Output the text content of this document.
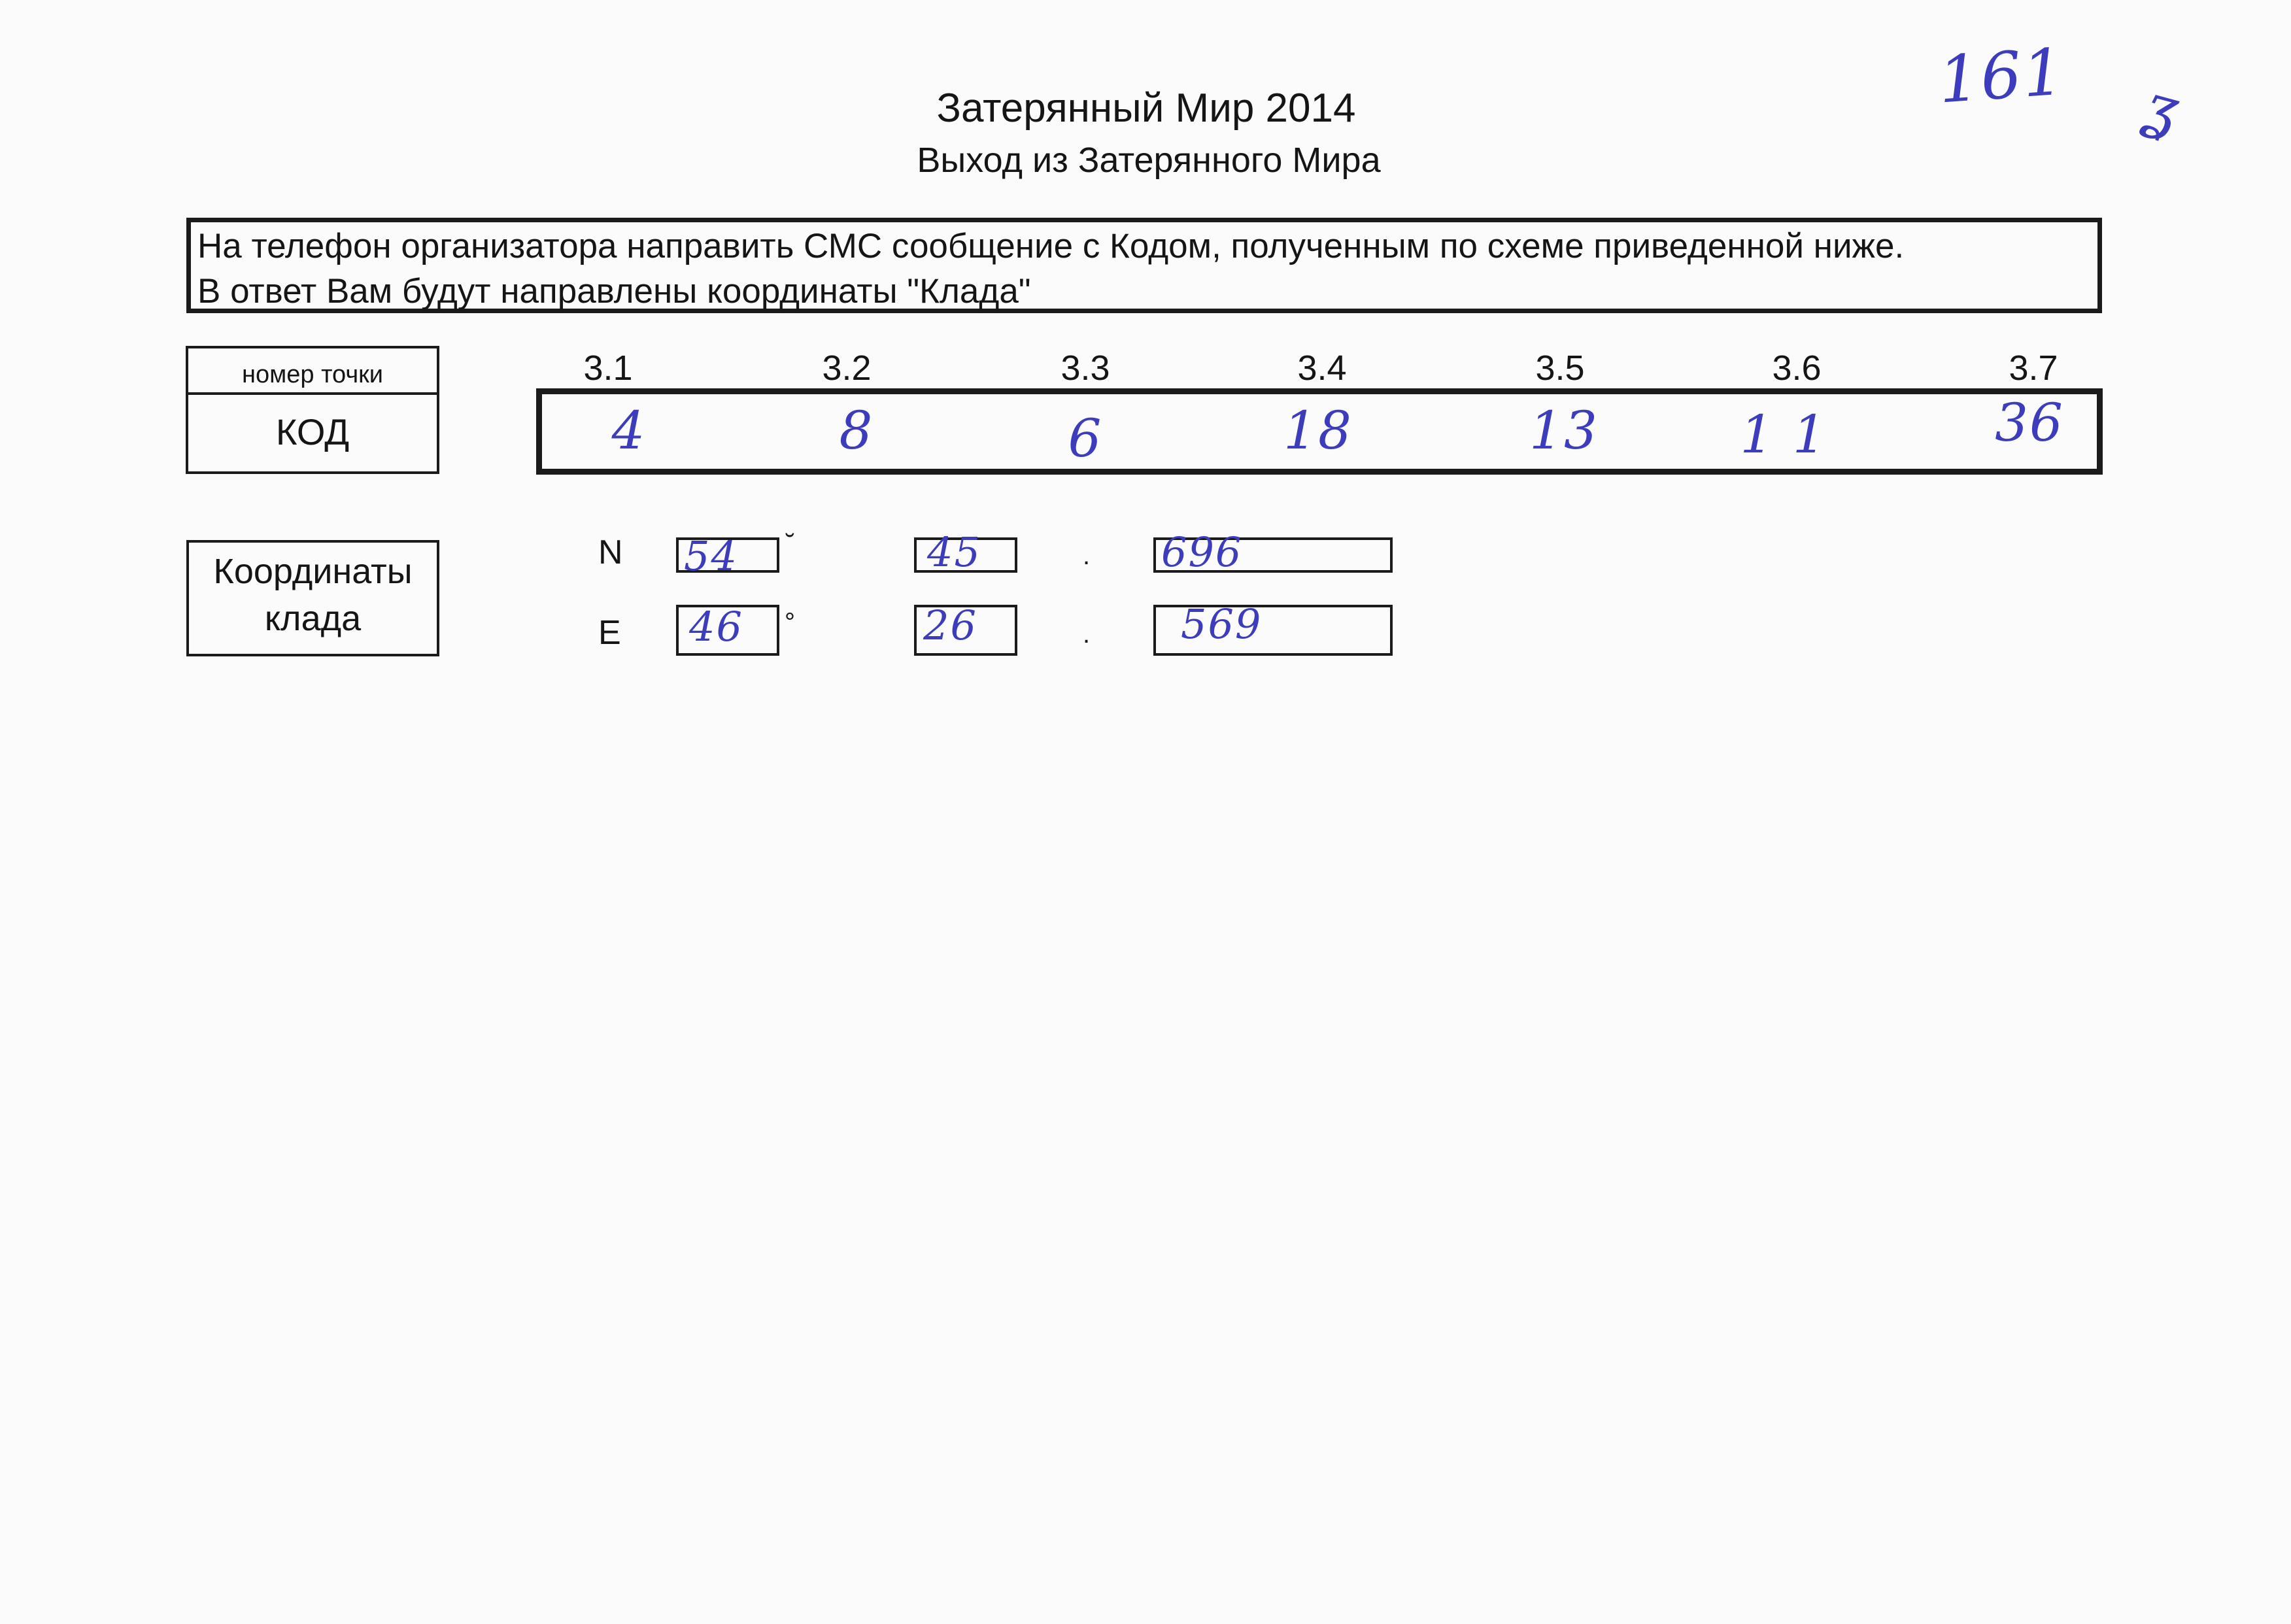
Затерянный Мир 2014
Выход из Затерянного Мира
На телефон организатора направить СМС сообщение с Кодом, полученным по схеме приведенной ниже.
В ответ Вам будут направлены координаты "Клада"
номер точки
КОД
3.1	3.2	3.3	3.4	3.5	3.6	3.7
4	8	6	18	13	1 1	36
Координаты
клада
N 54 ˘	45	. 696
E 46 °	26	. 569
161 ʓ
